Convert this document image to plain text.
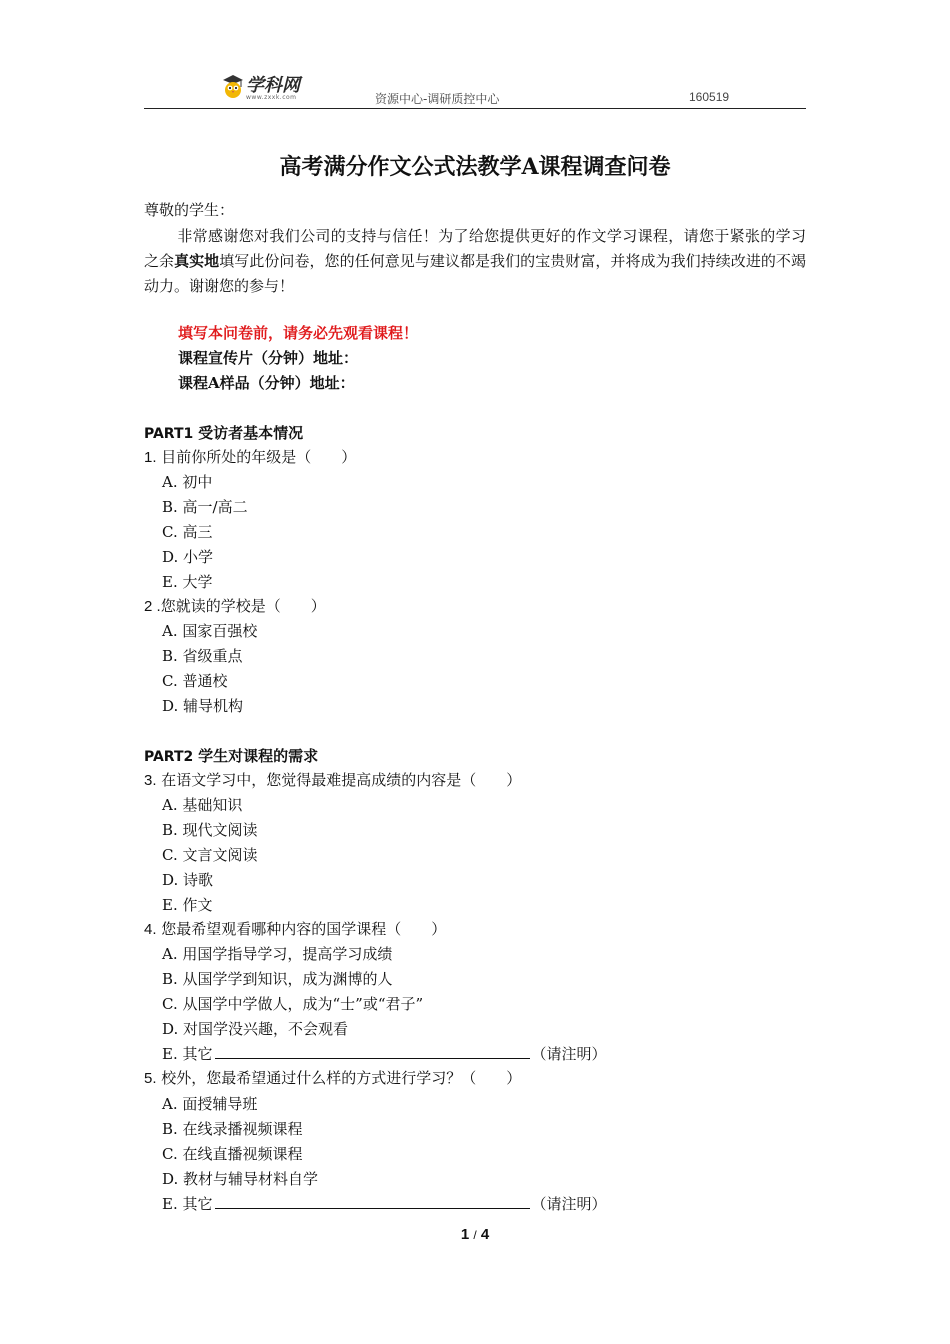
学科网
www.zxxk.com	资源中心-调研质控中心	160519
高考满分作文公式法教学A课程调查问卷
尊敬的学生：
非常感谢您对我们公司的支持与信任！为了给您提供更好的作文学习课程，请您于紧张的学习之余真实地填写此份问卷，您的任何意见与建议都是我们的宝贵财富，并将成为我们持续改进的不竭动力。谢谢您的参与！
填写本问卷前，请务必先观看课程！
课程宣传片（分钟）地址：
课程A样品（分钟）地址：
PART1 受访者基本情况
1. 目前你所处的年级是（　　）
A. 初中
B. 高一/高二
C. 高三
D. 小学
E. 大学
2 .您就读的学校是（　　）
A. 国家百强校
B. 省级重点
C. 普通校
D. 辅导机构
PART2 学生对课程的需求
3. 在语文学习中，您觉得最难提高成绩的内容是（　　）
A. 基础知识
B. 现代文阅读
C. 文言文阅读
D. 诗歌
E. 作文
4. 您最希望观看哪种内容的国学课程（　　）
A. 用国学指导学习，提高学习成绩
B. 从国学学到知识，成为渊博的人
C. 从国学中学做人，成为“士”或“君子”
D. 对国学没兴趣，不会观看
E. 其它	（请注明）
5. 校外，您最希望通过什么样的方式进行学习？（　　）
A. 面授辅导班
B. 在线录播视频课程
C. 在线直播视频课程
D. 教材与辅导材料自学
E. 其它	（请注明）
1 / 4
